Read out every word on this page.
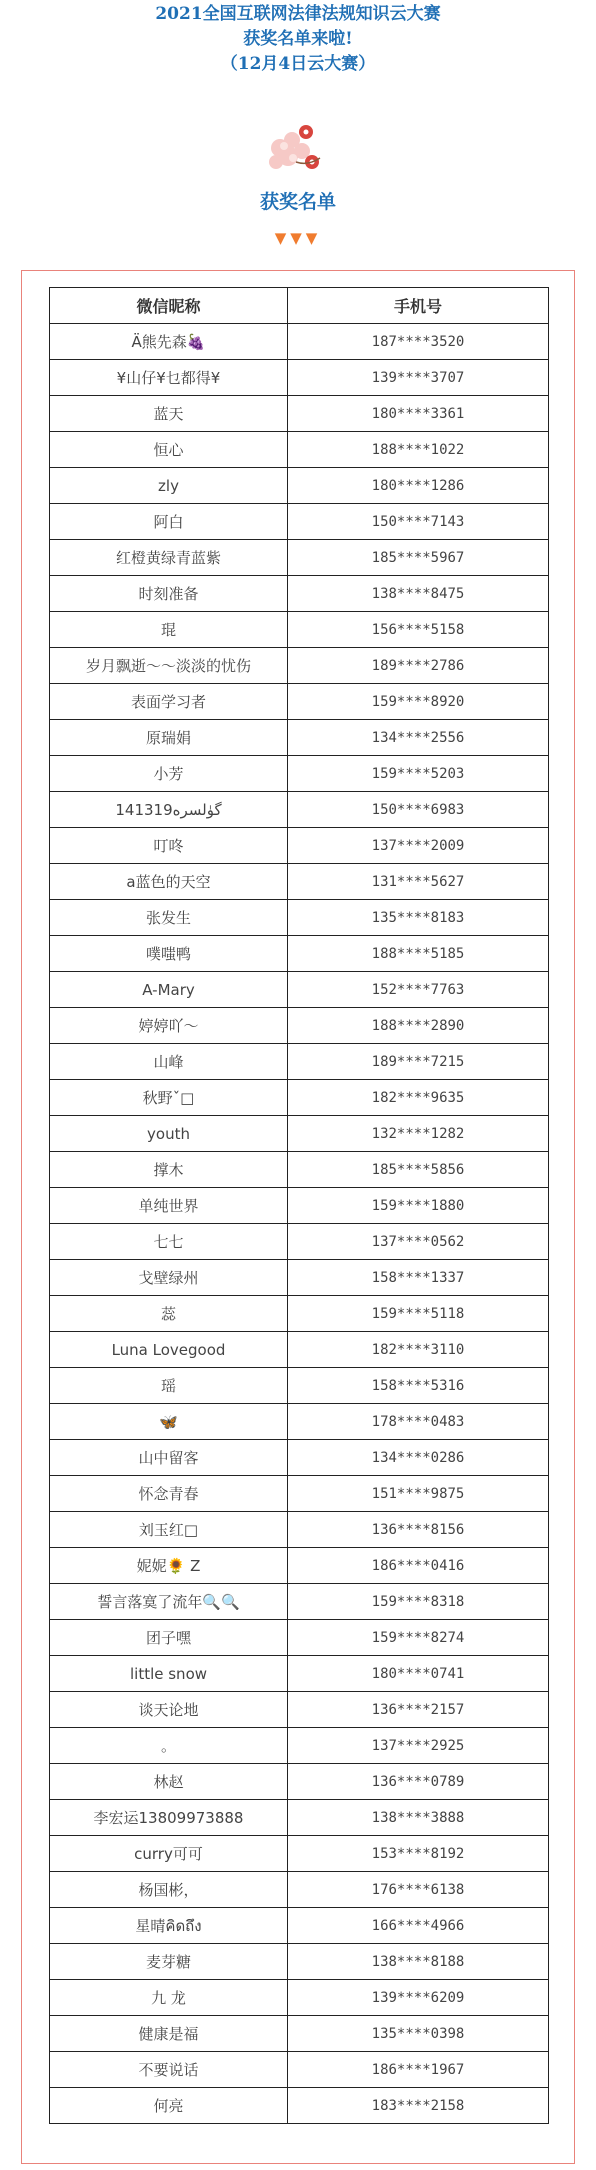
2021全国互联网法律法规知识云大赛
获奖名单来啦!
（12月4日云大赛）
获奖名单
▼▼▼
微信昵称	手机号
Ä熊先森🍇	187****3520
¥山仔¥乜都得¥	139****3707
蓝天	180****3361
恒心	188****1022
zly	180****1286
阿白	150****7143
红橙黄绿青蓝紫	185****5967
时刻准备	138****8475
琨	156****5158
岁月飘逝～～淡淡的忧伤	189****2786
表面学习者	159****8920
原瑞娟	134****2556
小芳	159****5203
141319گۈلسرە	150****6983
叮咚	137****2009
a蓝色的天空	131****5627
张发生	135****8183
噗嗤鸭	188****5185
A-Mary	152****7763
婷婷吖～	188****2890
山峰	189****7215
秋野ˇ□	182****9635
youth	132****1282
撑木	185****5856
单纯世界	159****1880
七七	137****0562
戈壁绿州	158****1337
蕊	159****5118
Luna Lovegood	182****3110
瑶	158****5316
🦋	178****0483
山中留客	134****0286
怀念青春	151****9875
刘玉红□	136****8156
妮妮🌻 Z	186****0416
誓言落寞了流年🔍🔍	159****8318
团子嘿	159****8274
little snow	180****0741
谈天论地	136****2157
。	137****2925
林赵	136****0789
李宏运13809973888	138****3888
curry可可	153****8192
杨国彬，	176****6138
星晴คิดถึง	166****4966
麦芽糖	138****8188
九 龙	139****6209
健康是福	135****0398
不要说话	186****1967
何亮	183****2158
